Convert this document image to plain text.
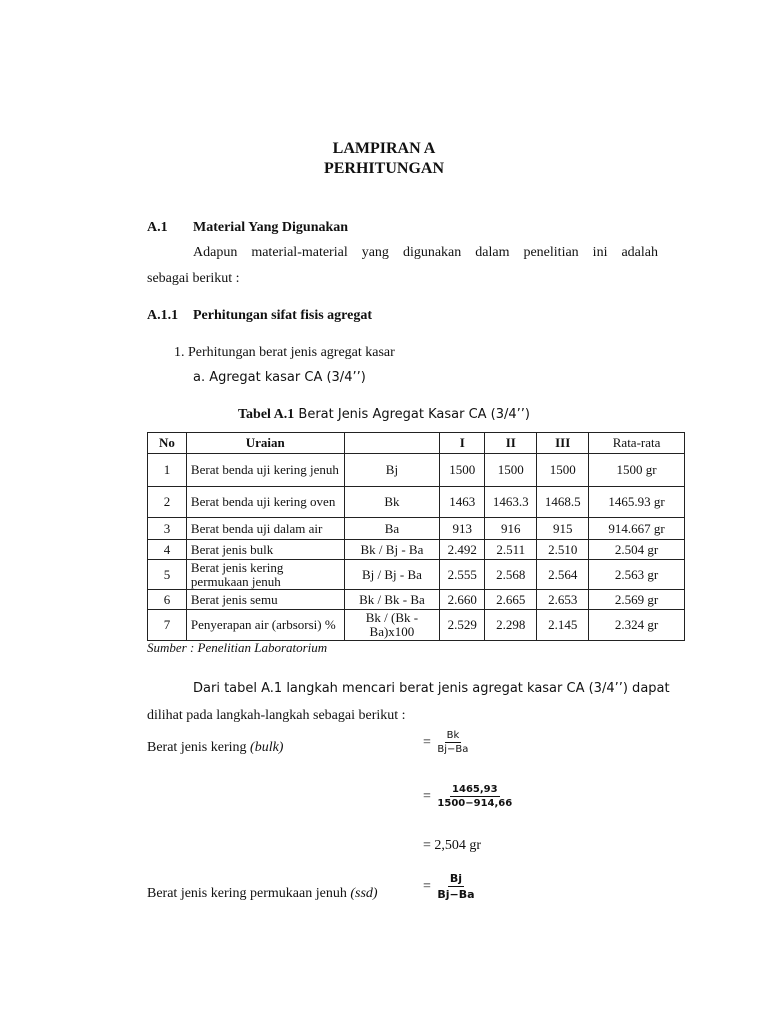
LAMPIRAN A
PERHITUNGAN
A.1 Material Yang Digunakan
Adapun material-material yang digunakan dalam penelitian ini adalah
sebagai berikut :
A.1.1 Perhitungan sifat fisis agregat
1. Perhitungan berat jenis agregat kasar
a. Agregat kasar CA (3/4’’)
Tabel A.1 Berat Jenis Agregat Kasar CA (3/4’’)
No	Uraian		I	II	III	Rata-rata
1	Berat benda uji kering jenuh	Bj	1500	1500	1500	1500 gr
2	Berat benda uji kering oven	Bk	1463	1463.3	1468.5	1465.93 gr
3	Berat benda uji dalam air	Ba	913	916	915	914.667 gr
4	Berat jenis bulk	Bk / Bj - Ba	2.492	2.511	2.510	2.504 gr
5	Berat jenis kering permukaan jenuh	Bj / Bj - Ba	2.555	2.568	2.564	2.563 gr
6	Berat jenis semu	Bk / Bk - Ba	2.660	2.665	2.653	2.569 gr
7	Penyerapan air (arbsorsi) %	Bk / (Bk - Ba)x100	2.529	2.298	2.145	2.324 gr
Sumber : Penelitian Laboratorium
Dari tabel A.1 langkah mencari berat jenis agregat kasar CA (3/4’’) dapat
dilihat pada langkah-langkah sebagai berikut :
Berat jenis kering (bulk)	= $\frac{Bk}{Bj-Ba}$
= $\frac{1465,93}{1500-914,66}$
= 2,504 gr
Berat jenis kering permukaan jenuh (ssd)	= $\frac{Bj}{Bj-Ba}$
